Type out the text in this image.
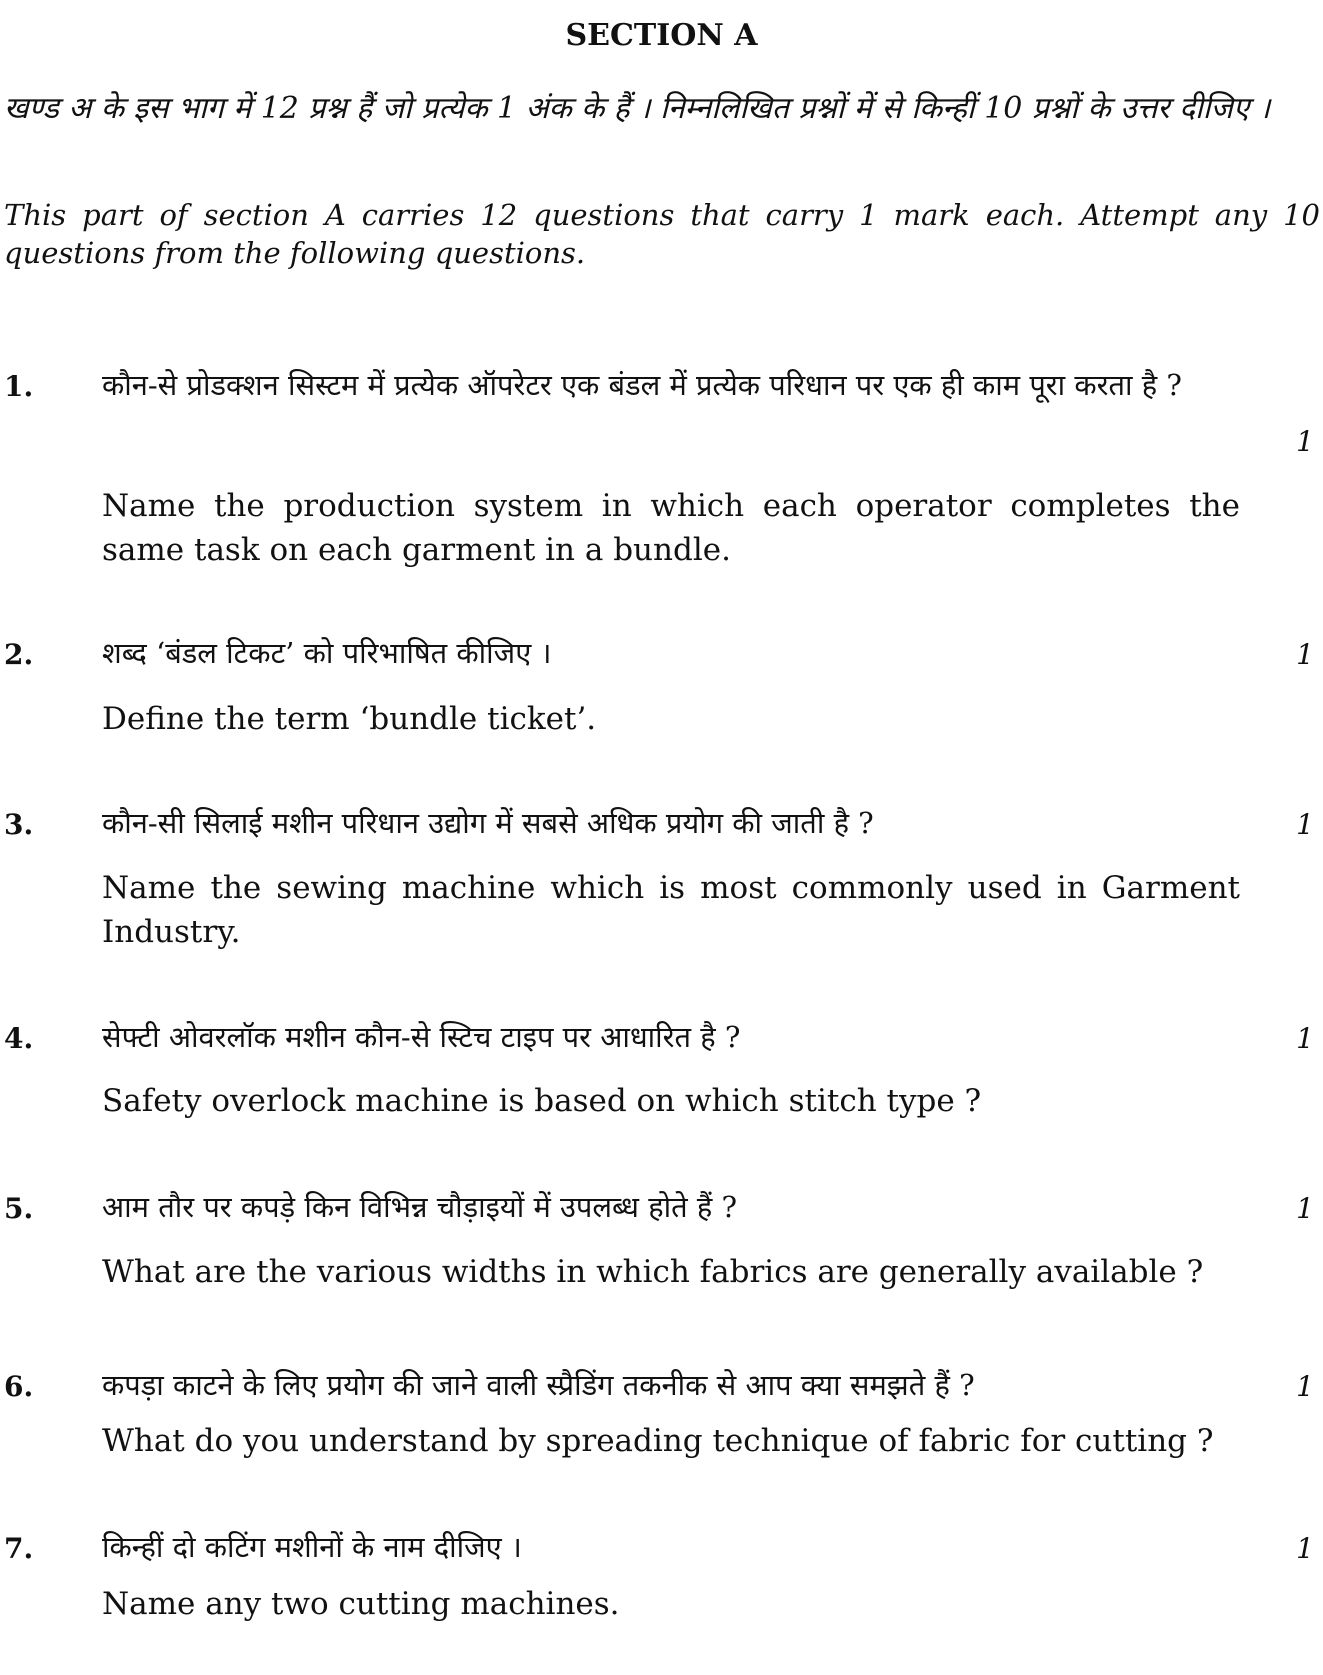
SECTION A
खण्ड अ के इस भाग में 12 प्रश्न हैं जो प्रत्येक 1 अंक के हैं । निम्नलिखित प्रश्नों में से किन्हीं 10 प्रश्नों के उत्तर दीजिए ।
This part of section A carries 12 questions that carry 1 mark each. Attempt any 10 questions from the following questions.
1. कौन-से प्रोडक्शन सिस्टम में प्रत्येक ऑपरेटर एक बंडल में प्रत्येक परिधान पर एक ही काम पूरा करता है ?
1
Name the production system in which each operator completes the same task on each garment in a bundle.
2. शब्द ‘बंडल टिकट’ को परिभाषित कीजिए ।	1
Define the term ‘bundle ticket’.
3. कौन-सी सिलाई मशीन परिधान उद्योग में सबसे अधिक प्रयोग की जाती है ?	1
Name the sewing machine which is most commonly used in Garment Industry.
4. सेफ्टी ओवरलॉक मशीन कौन-से स्टिच टाइप पर आधारित है ?	1
Safety overlock machine is based on which stitch type ?
5. आम तौर पर कपड़े किन विभिन्न चौड़ाइयों में उपलब्ध होते हैं ?	1
What are the various widths in which fabrics are generally available ?
6. कपड़ा काटने के लिए प्रयोग की जाने वाली स्प्रैडिंग तकनीक से आप क्या समझते हैं ?	1
What do you understand by spreading technique of fabric for cutting ?
7. किन्हीं दो कटिंग मशीनों के नाम दीजिए ।	1
Name any two cutting machines.
